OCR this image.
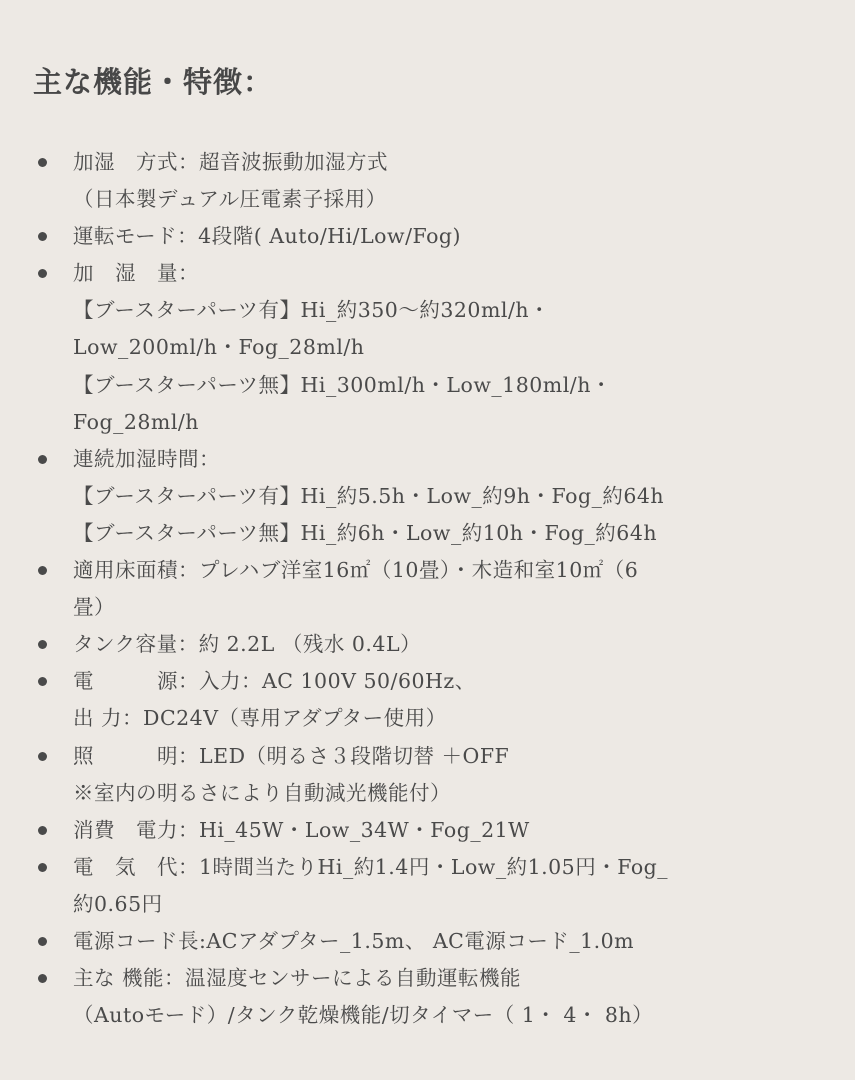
主な機能・特徴：
加湿　方式：超音波振動加湿方式
（日本製デュアル圧電素子採用）
運転モード：4段階( Auto/Hi/Low/Fog)
加　湿　量：
【ブースターパーツ有】Hi_約350〜約320ml/h・
Low_200ml/h・Fog_28ml/h
【ブースターパーツ無】Hi_300ml/h・Low_180ml/h・
Fog_28ml/h
連続加湿時間：
【ブースターパーツ有】Hi_約5.5h・Low_約9h・Fog_約64h
【ブースターパーツ無】Hi_約6h・Low_約10h・Fog_約64h
適用床面積：プレハブ洋室16㎡（10畳）・木造和室10㎡（6
畳）
タンク容量：約 2.2L （残水 0.4L）
電　　　源：入力：AC 100V 50/60Hz、
出 力：DC24V（専用アダプター使用）
照　　　明：LED（明るさ３段階切替 ＋OFF
※室内の明るさにより自動減光機能付）
消費　電力：Hi_45W・Low_34W・Fog_21W
電　気　代：1時間当たりHi_約1.4円・Low_約1.05円・Fog_
約0.65円
電源コード長:ACアダプター_1.5m、 AC電源コード_1.0m
主な 機能：温湿度センサーによる自動運転機能
（Autoモード）/タンク乾燥機能/切タイマー（ 1・ 4・ 8h）
